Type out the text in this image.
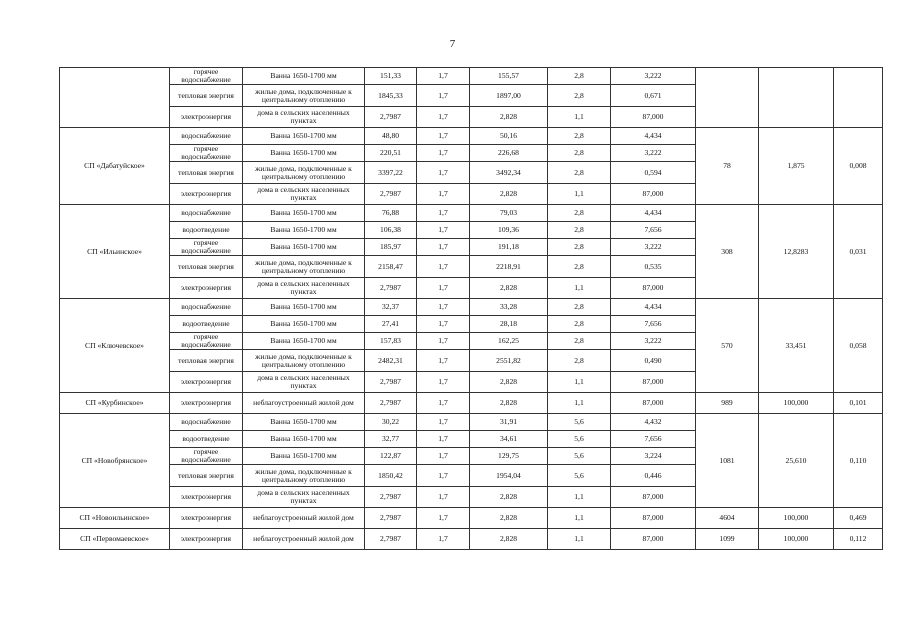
7
	горячее водоснабжение	Ванна 1650-1700 мм	151,33	1,7	155,57	2,8	3,222			
	тепловая энергия	жилые дома, подключенные к центральному отоплению	1845,33	1,7	1897,00	2,8	0,671			
	электроэнергия	дома в сельских населенных пунктах	2,7987	1,7	2,828	1,1	87,000			
СП «Дабатуйское»	водоснабжение	Ванна 1650-1700 мм	48,80	1,7	50,16	2,8	4,434	78	1,875	0,008
	горячее водоснабжение	Ванна 1650-1700 мм	220,51	1,7	226,68	2,8	3,222			
	тепловая энергия	жилые дома, подключенные к центральному отоплению	3397,22	1,7	3492,34	2,8	0,594			
	электроэнергия	дома в сельских населенных пунктах	2,7987	1,7	2,828	1,1	87,000			
СП «Ильинское»	водоснабжение	Ванна 1650-1700 мм	76,88	1,7	79,03	2,8	4,434	308	12,8283	0,031
	водоотведение	Ванна 1650-1700 мм	106,38	1,7	109,36	2,8	7,656			
	горячее водоснабжение	Ванна 1650-1700 мм	185,97	1,7	191,18	2,8	3,222			
	тепловая энергия	жилые дома, подключенные к центральному отоплению	2158,47	1,7	2218,91	2,8	0,535			
	электроэнергия	дома в сельских населенных пунктах	2,7987	1,7	2,828	1,1	87,000			
СП «Ключевское»	водоснабжение	Ванна 1650-1700 мм	32,37	1,7	33,28	2,8	4,434	570	33,451	0,058
	водоотведение	Ванна 1650-1700 мм	27,41	1,7	28,18	2,8	7,656			
	горячее водоснабжение	Ванна 1650-1700 мм	157,83	1,7	162,25	2,8	3,222			
	тепловая энергия	жилые дома, подключенные к центральному отоплению	2482,31	1,7	2551,82	2,8	0,490			
	электроэнергия	дома в сельских населенных пунктах	2,7987	1,7	2,828	1,1	87,000			
СП «Курбинское»	электроэнергия	неблагоустроенный жилой дом	2,7987	1,7	2,828	1,1	87,000	989	100,000	0,101
СП «Новобрянское»	водоснабжение	Ванна 1650-1700 мм	30,22	1,7	31,91	5,6	4,432	1081	25,610	0,110
	водоотведение	Ванна 1650-1700 мм	32,77	1,7	34,61	5,6	7,656			
	горячее водоснабжение	Ванна 1650-1700 мм	122,87	1,7	129,75	5,6	3,224			
	тепловая энергия	жилые дома, подключенные к центральному отоплению	1850,42	1,7	1954,04	5,6	0,446			
	электроэнергия	дома в сельских населенных пунктах	2,7987	1,7	2,828	1,1	87,000			
СП «Новоильинское»	электроэнергия	неблагоустроенный жилой дом	2,7987	1,7	2,828	1,1	87,000	4604	100,000	0,469
СП «Первомаевское»	электроэнергия	неблагоустроенный жилой дом	2,7987	1,7	2,828	1,1	87,000	1099	100,000	0,112
